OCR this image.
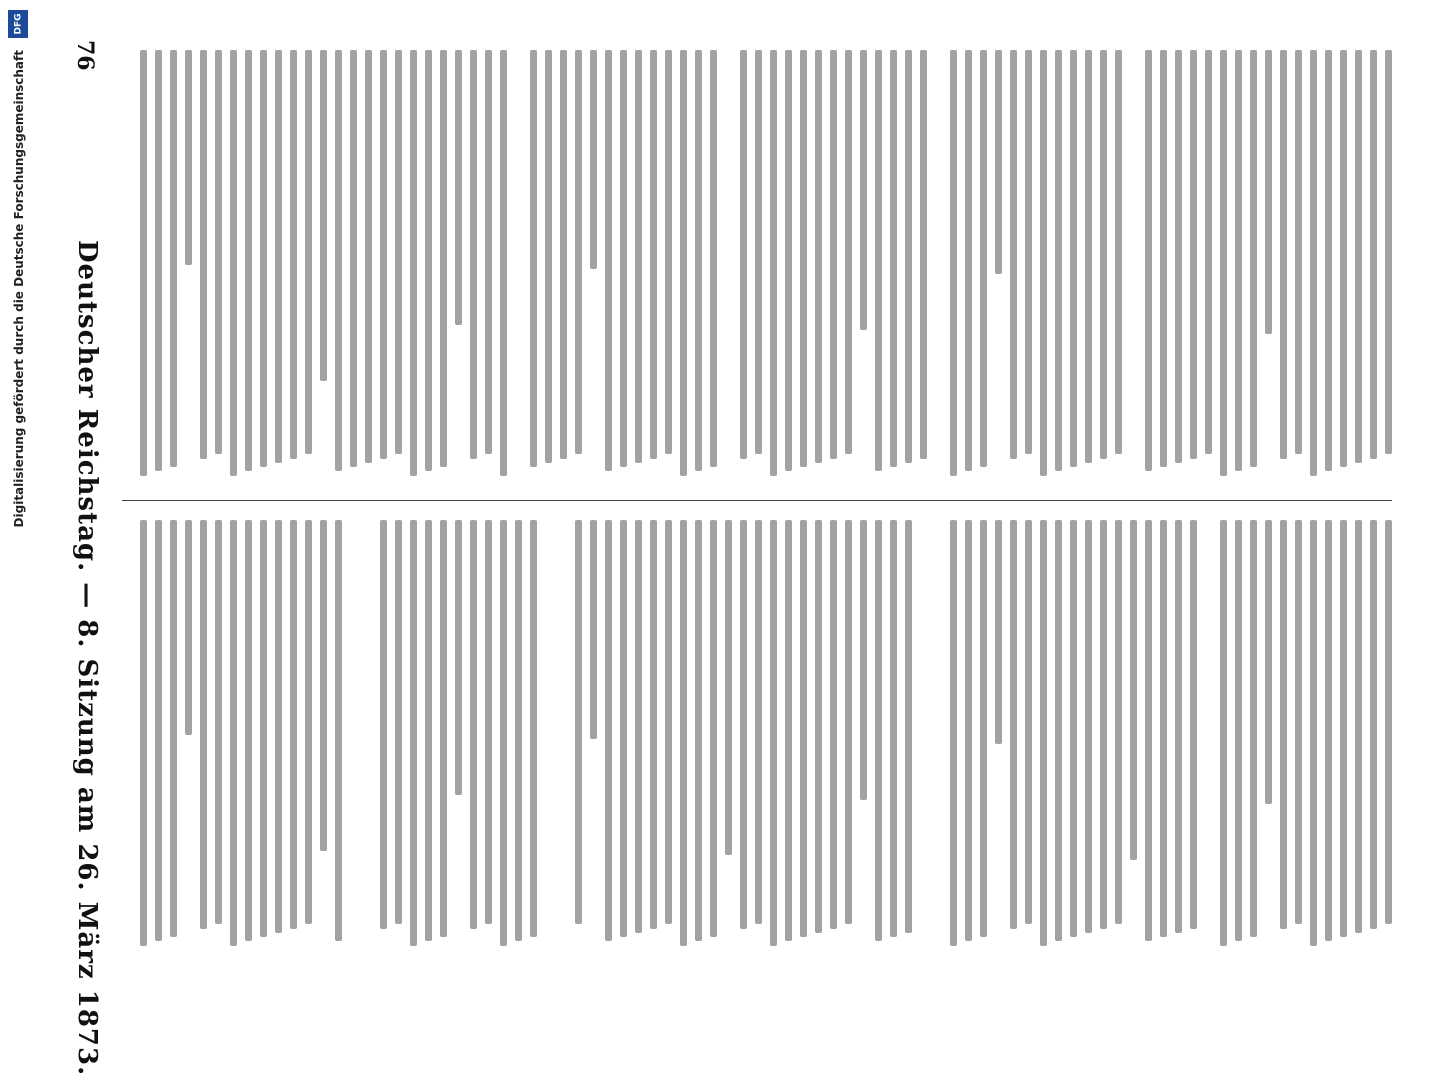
76
Deutscher Reichstag. — 8. Sitzung am 26. März 1873.
DFG
Digitalisierung gefördert durch die Deutsche Forschungsgemeinschaft
